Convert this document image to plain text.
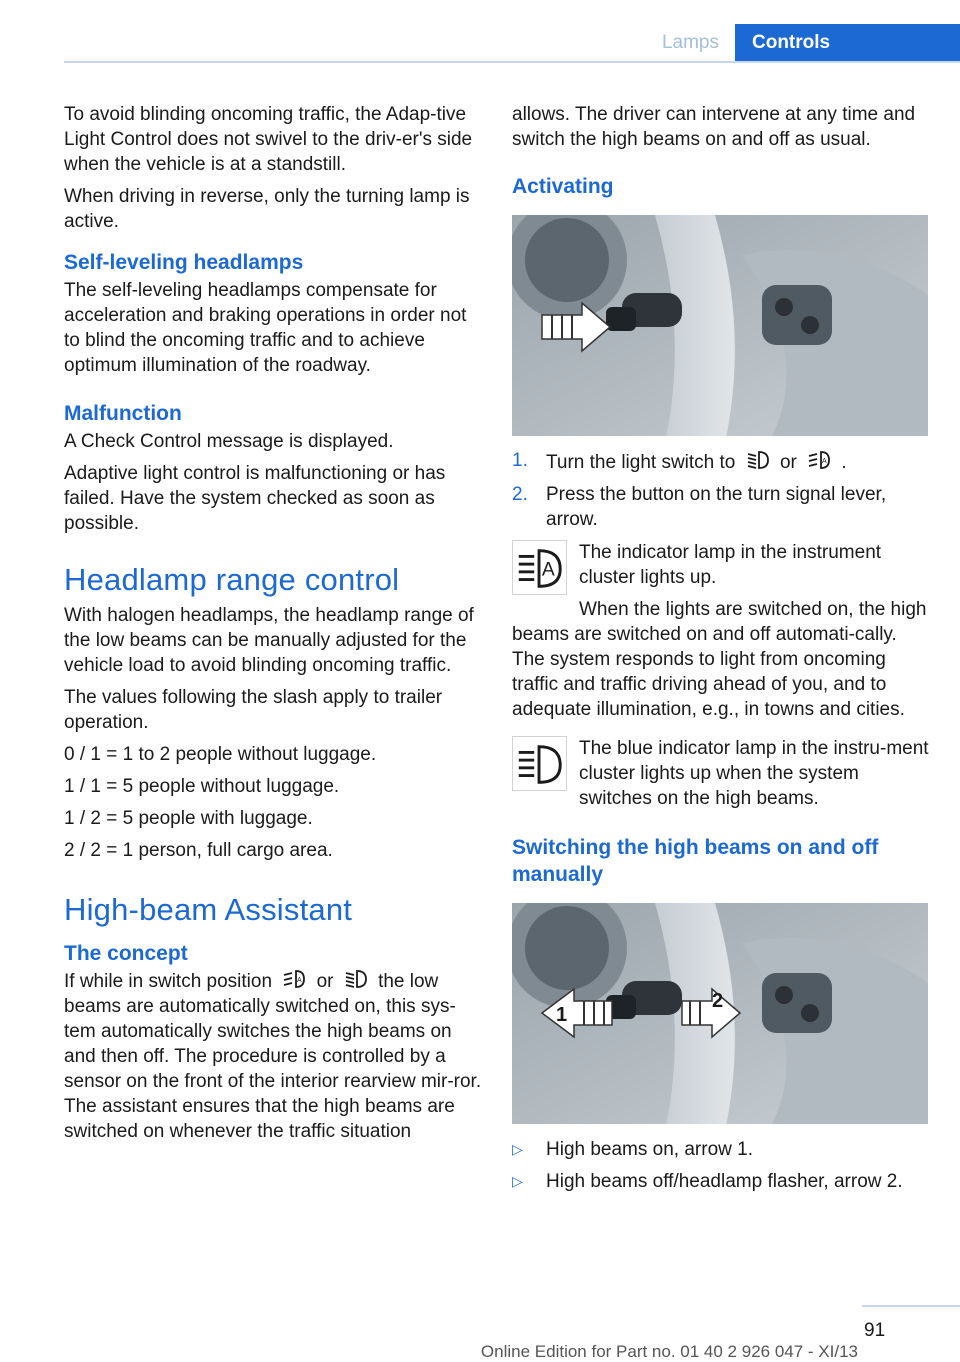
Lamps	Controls

To avoid blinding oncoming traffic, the Adap-tive Light Control does not swivel to the driv-er's side when the vehicle is at a standstill.

When driving in reverse, only the turning lamp is active.

Self-leveling headlamps

The self-leveling headlamps compensate for acceleration and braking operations in order not to blind the oncoming traffic and to achieve optimum illumination of the roadway.

Malfunction

A Check Control message is displayed.

Adaptive light control is malfunctioning or has failed. Have the system checked as soon as possible.

Headlamp range control

With halogen headlamps, the headlamp range of the low beams can be manually adjusted for the vehicle load to avoid blinding oncoming traffic.

The values following the slash apply to trailer operation.

0 / 1 = 1 to 2 people without luggage.

1 / 1 = 5 people without luggage.

1 / 2 = 5 people with luggage.

2 / 2 = 1 person, full cargo area.

High-beam Assistant
The concept

If while in switch position	A or the low beams are automatically switched on, this sys-tem automatically switches the high beams on and then off. The procedure is controlled by a sensor on the front of the interior rearview mir-ror. The assistant ensures that the high beams are switched on whenever the traffic situation

allows. The driver can intervene at any time and switch the high beams on and off as usual.

Activating
1. Turn the light switch to or	A .
2. Press the button on the turn signal lever, arrow.
A

The indicator lamp in the instrument cluster lights up.

When the lights are switched on, the high beams are switched on and off automati-cally.

The system responds to light from oncoming traffic and traffic driving ahead of you, and to adequate illumination, e.g., in towns and cities.

The blue indicator lamp in the instru-ment cluster lights up when the system switches on the high beams.

Switching the high beams on and off manually
1
2
▷ High beams on, arrow 1.
▷ High beams off/headlamp flasher, arrow 2.
91
Online Edition for Part no. 01 40 2 926 047 - XI/13
